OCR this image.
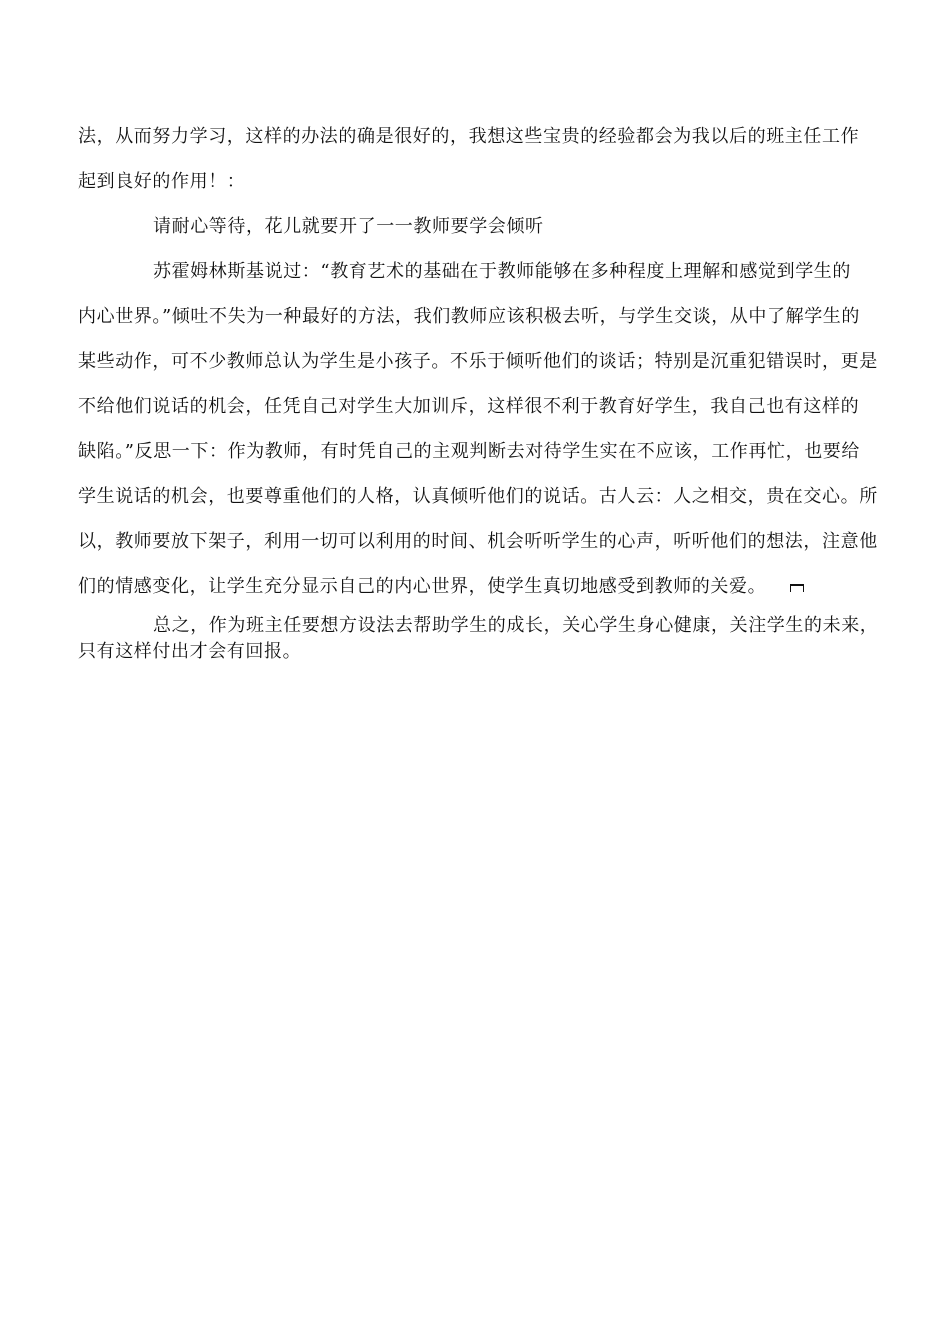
法，从而努力学习，这样的办法的确是很好的，我想这些宝贵的经验都会为我以后的班主任工作
起到良好的作用！：
请耐心等待，花儿就要开了一一教师要学会倾听
苏霍姆林斯基说过：“教育艺术的基础在于教师能够在多种程度上理解和感觉到学生的
内心世界。”倾吐不失为一种最好的方法，我们教师应该积极去听，与学生交谈，从中了解学生的
某些动作，可不少教师总认为学生是小孩子。不乐于倾听他们的谈话；特别是沉重犯错误时，更是
不给他们说话的机会，任凭自己对学生大加训斥，这样很不利于教育好学生，我自己也有这样的
缺陷。”反思一下：作为教师，有时凭自己的主观判断去对待学生实在不应该，工作再忙，也要给
学生说话的机会，也要尊重他们的人格，认真倾听他们的说话。古人云：人之相交，贵在交心。所
以，教师要放下架子，利用一切可以利用的时间、机会听听学生的心声，听听他们的想法，注意他
们的情感变化，让学生充分显示自己的内心世界，使学生真切地感受到教师的关爱。
总之，作为班主任要想方设法去帮助学生的成长，关心学生身心健康，关注学生的未来，
只有这样付出才会有回报。
